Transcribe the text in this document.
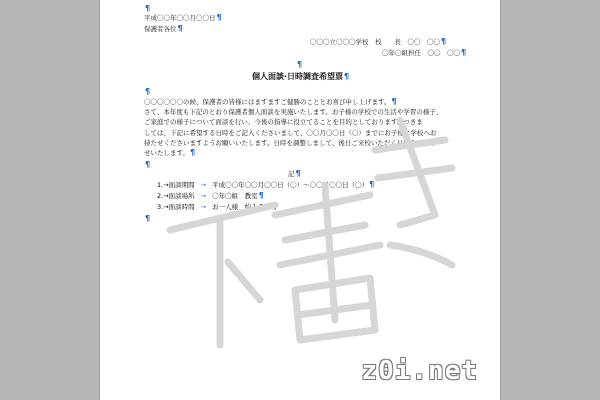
¶
平成〇〇年〇〇月〇〇日¶
保護者各位¶
〇〇〇立〇〇〇学校　校　　長　〇〇　〇〇¶
〇年〇組担任　〇〇　〇〇¶
¶
個人面談·日時調査希望票¶
¶
〇〇〇〇〇〇の候、保護者の皆様にはますますご健勝のこととお喜び申し上げます。¶
さて、本年度も下記のとおり保護者個人面談を実施いたします。お子様の学校での生活や学習の様子、
ご家庭での様子について面談を行い、今後の指導に役立てることを目的としております。つきま
しては、下記に希望する日時をご記入くださいまして、〇〇月〇〇日（〇）までにお子様に学校へお
持たせくださいますようお願いいたします。日時を調整しまして、後日ご来校いただく日時をお知ら
せいたします。¶
¶
記¶
1.→面談期間 → 平成〇〇年〇〇月〇〇日（〇）～〇〇月〇〇日（〇）¶
2.→面談場所 → 〇年〇組　教室¶
3.→面談時間 → お一人様　約１５分¶
¶
z0i.net
